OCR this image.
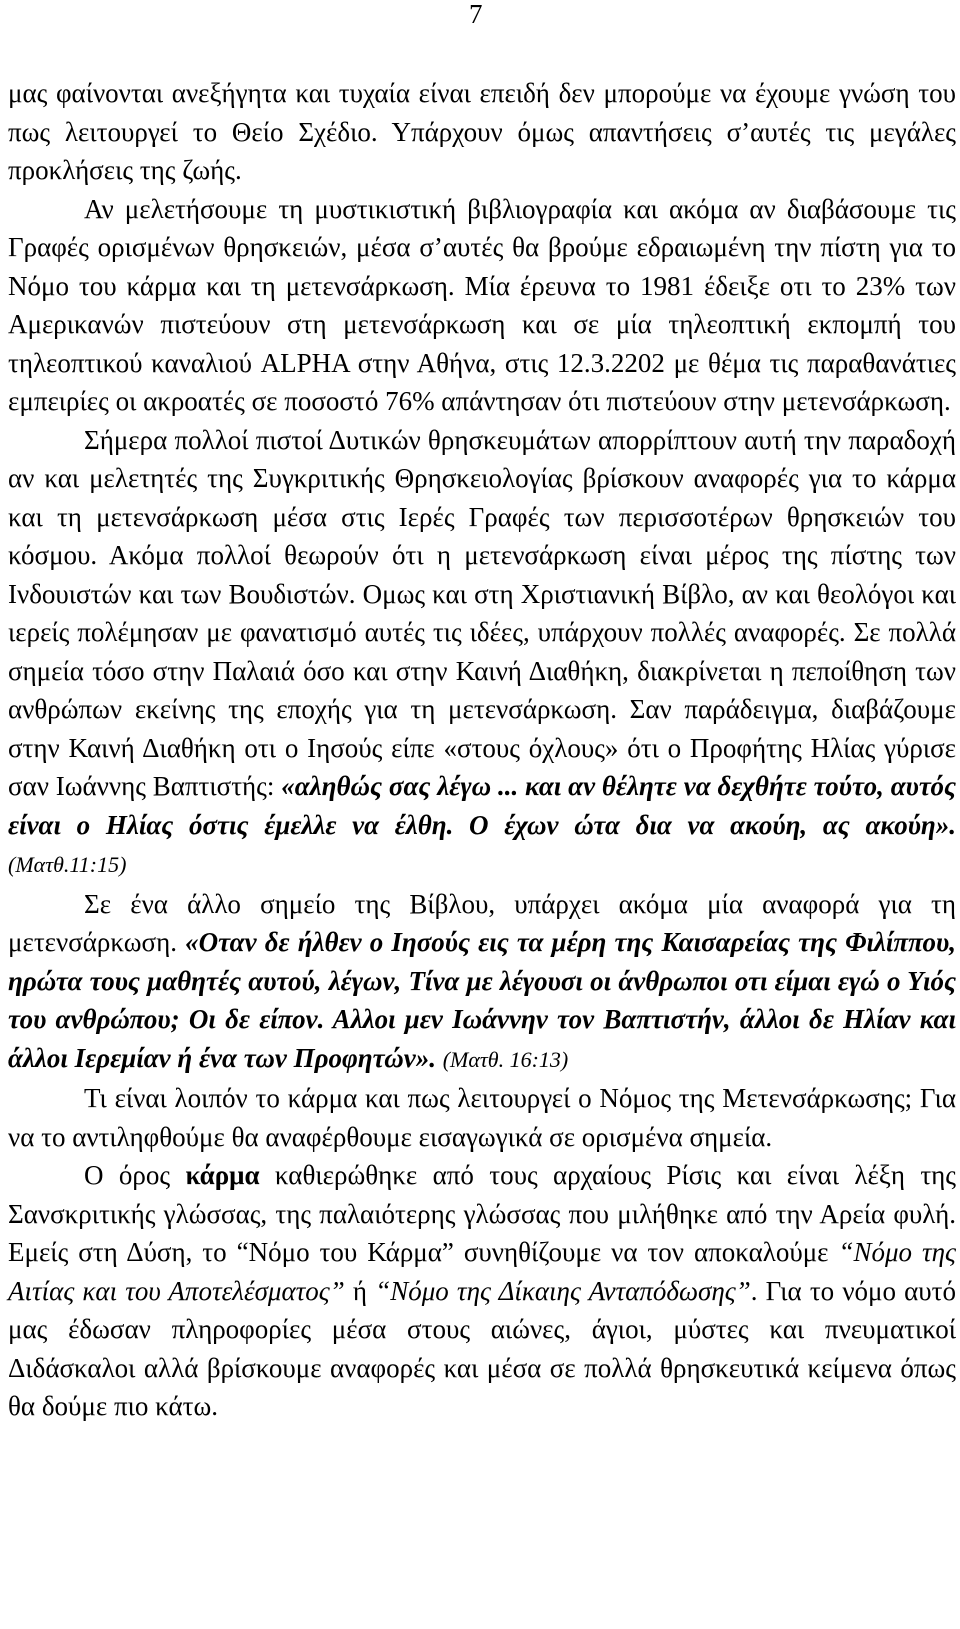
7

μας φαίνονται ανεξήγητα και τυχαία είναι επειδή δεν μπορούμε να έχουμε γνώση του πως λειτουργεί το Θείο Σχέδιο. Υπάρχουν όμως απαντήσεις σ’αυτές τις μεγάλες προκλήσεις της ζωής.

Αν μελετήσουμε τη μυστικιστική βιβλιογραφία και ακόμα αν διαβάσουμε τις Γραφές ορισμένων θρησκειών, μέσα σ’αυτές θα βρούμε εδραιωμένη την πίστη για το Νόμο του κάρμα και τη μετενσάρκωση. Μία έρευνα το 1981 έδειξε οτι το 23% των Αμερικανών πιστεύουν στη μετενσάρκωση και σε μία τηλεοπτική εκπομπή του τηλεοπτικού καναλιού ALPHA στην Αθήνα, στις 12.3.2202 με θέμα τις παραθανάτιες εμπειρίες οι ακροατές σε ποσοστό 76% απάντησαν ότι πιστεύουν στην μετενσάρκωση.

Σήμερα πολλοί πιστοί Δυτικών θρησκευμάτων απορρίπτουν αυτή την παραδοχή αν και μελετητές της Συγκριτικής Θρησκειολογίας βρίσκουν αναφορές για το κάρμα και τη μετενσάρκωση μέσα στις Ιερές Γραφές των περισσοτέρων θρησκειών του κόσμου. Ακόμα πολλοί θεωρούν ότι η μετενσάρκωση είναι μέρος της πίστης των Ινδουιστών και των Βουδιστών. Ομως και στη Χριστιανική Βίβλο, αν και θεολόγοι και ιερείς πολέμησαν με φανατισμό αυτές τις ιδέες, υπάρχουν πολλές αναφορές. Σε πολλά σημεία τόσο στην Παλαιά όσο και στην Καινή Διαθήκη, διακρίνεται η πεποίθηση των ανθρώπων εκείνης της εποχής για τη μετενσάρκωση. Σαν παράδειγμα, διαβάζουμε στην Καινή Διαθήκη οτι ο Ιησούς είπε «στους όχλους» ότι ο Προφήτης Ηλίας γύρισε σαν Ιωάννης Βαπτιστής: «αληθώς σας λέγω ... και αν θέλητε να δεχθήτε τούτο, αυτός είναι ο Ηλίας όστις έμελλε να έλθη. Ο έχων ώτα δια να ακούη, ας ακούη». (Ματθ.11:15)

Σε ένα άλλο σημείο της Βίβλου, υπάρχει ακόμα μία αναφορά για τη μετενσάρκωση. «Οταν δε ήλθεν ο Ιησούς εις τα μέρη της Καισαρείας της Φιλίππου, ηρώτα τους μαθητές αυτού, λέγων, Τίνα με λέγουσι οι άνθρωποι οτι είμαι εγώ ο Υιός του ανθρώπου; Οι δε είπον. Αλλοι μεν Ιωάννην τον Βαπτιστήν, άλλοι δε Ηλίαν και άλλοι Ιερεμίαν ή ένα των Προφητών». (Ματθ. 16:13)

Τι είναι λοιπόν το κάρμα και πως λειτουργεί ο Νόμος της Μετενσάρκωσης; Για να το αντιληφθούμε θα αναφέρθουμε εισαγωγικά σε ορισμένα σημεία.

Ο όρος κάρμα καθιερώθηκε από τους αρχαίους Ρίσις και είναι λέξη της Σανσκριτικής γλώσσας, της παλαιότερης γλώσσας που μιλήθηκε από την Αρεία φυλή. Εμείς στη Δύση, το “Νόμο του Κάρμα” συνηθίζουμε να τον αποκαλούμε “Νόμο της Αιτίας και του Αποτελέσματος” ή “Νόμο της Δίκαιης Ανταπόδωσης”. Για το νόμο αυτό μας έδωσαν πληροφορίες μέσα στους αιώνες, άγιοι, μύστες και πνευματικοί Διδάσκαλοι αλλά βρίσκουμε αναφορές και μέσα σε πολλά θρησκευτικά κείμενα όπως θα δούμε πιο κάτω.
